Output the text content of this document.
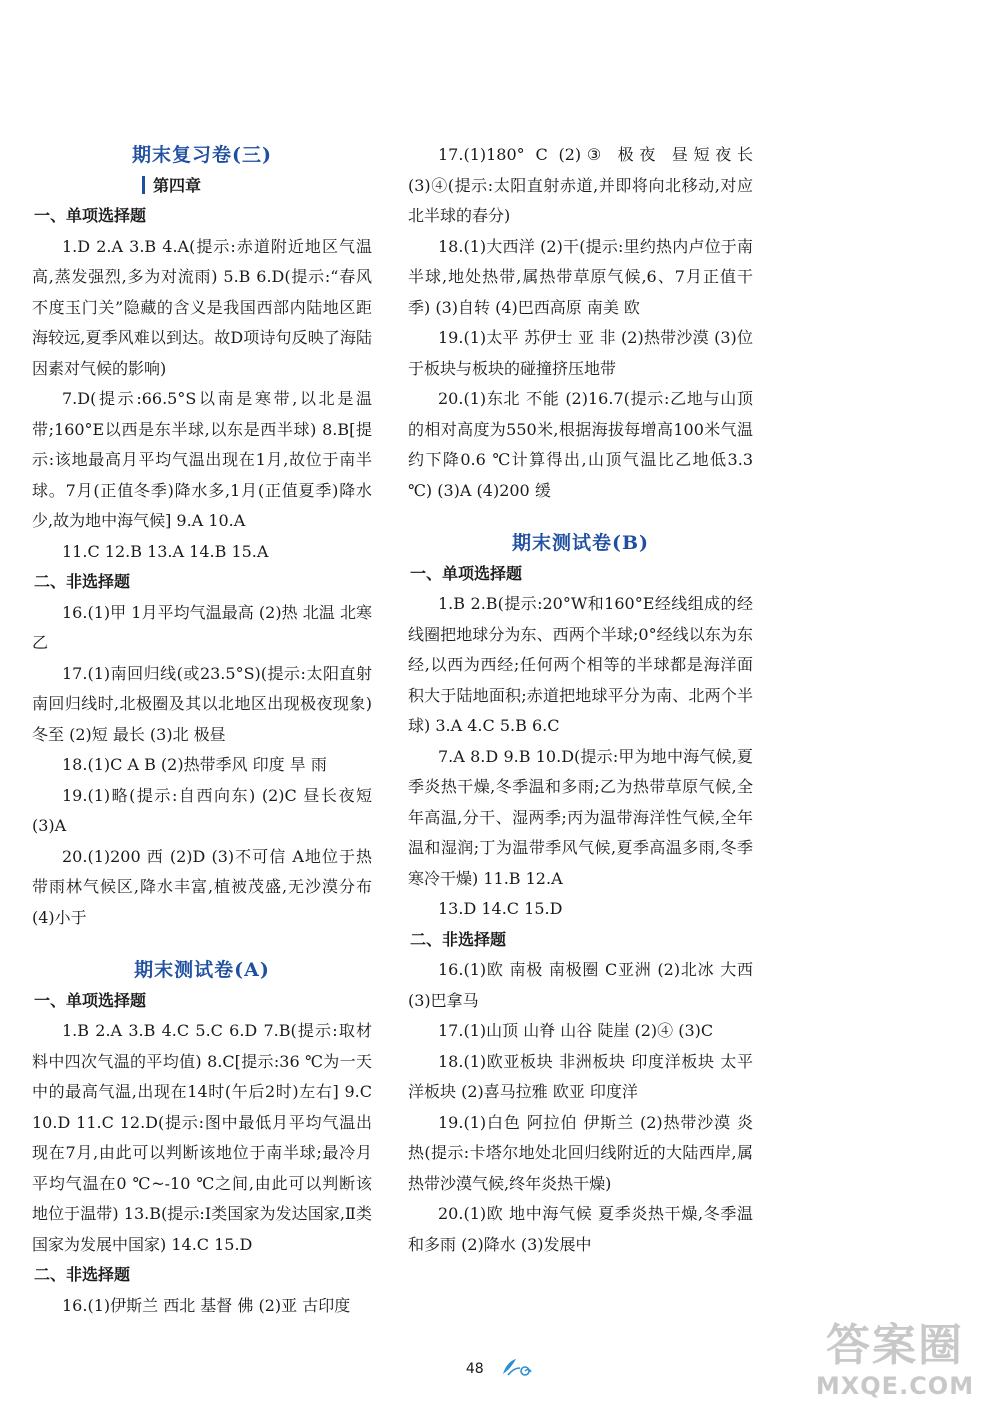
期末复习卷(三)
第四章
一、单项选择题

1.D 2.A 3.B 4.A(提示:赤道附近地区气温高,蒸发强烈,多为对流雨) 5.B 6.D(提示:“春风不度玉门关”隐藏的含义是我国西部内陆地区距海较远,夏季风难以到达。故D项诗句反映了海陆因素对气候的影响)

7.D(提示:66.5°S以南是寒带,以北是温带;160°E以西是东半球,以东是西半球) 8.B[提示:该地最高月平均气温出现在1月,故位于南半球。7月(正值冬季)降水多,1月(正值夏季)降水少,故为地中海气候] 9.A 10.A

11.C 12.B 13.A 14.B 15.A

二、非选择题

16.(1)甲 1月平均气温最高 (2)热 北温 北寒 乙

17.(1)南回归线(或23.5°S)(提示:太阳直射南回归线时,北极圈及其以北地区出现极夜现象) 冬至 (2)短 最长 (3)北 极昼

18.(1)C A B (2)热带季风 印度 旱 雨

19.(1)略(提示:自西向东) (2)C 昼长夜短 (3)A

20.(1)200 西 (2)D (3)不可信 A地位于热带雨林气候区,降水丰富,植被茂盛,无沙漠分布 (4)小于

期末测试卷(A)
一、单项选择题

1.B 2.A 3.B 4.C 5.C 6.D 7.B(提示:取材料中四次气温的平均值) 8.C[提示:36 ℃为一天中的最高气温,出现在14时(午后2时)左右] 9.C 10.D 11.C 12.D(提示:图中最低月平均气温出现在7月,由此可以判断该地位于南半球;最冷月平均气温在0 ℃~-10 ℃之间,由此可以判断该地位于温带) 13.B(提示:Ⅰ类国家为发达国家,Ⅱ类国家为发展中国家) 14.C 15.D

二、非选择题

16.(1)伊斯兰 西北 基督 佛 (2)亚 古印度

17.(1)180° C (2)③ 极夜 昼短夜长 (3)④(提示:太阳直射赤道,并即将向北移动,对应北半球的春分)

18.(1)大西洋 (2)干(提示:里约热内卢位于南半球,地处热带,属热带草原气候,6、7月正值干季) (3)自转 (4)巴西高原 南美 欧

19.(1)太平 苏伊士 亚 非 (2)热带沙漠 (3)位于板块与板块的碰撞挤压地带

20.(1)东北 不能 (2)16.7(提示:乙地与山顶的相对高度为550米,根据海拔每增高100米气温约下降0.6 ℃计算得出,山顶气温比乙地低3.3 ℃) (3)A (4)200 缓

期末测试卷(B)
一、单项选择题

1.B 2.B(提示:20°W和160°E经线组成的经线圈把地球分为东、西两个半球;0°经线以东为东经,以西为西经;任何两个相等的半球都是海洋面积大于陆地面积;赤道把地球平分为南、北两个半球) 3.A 4.C 5.B 6.C

7.A 8.D 9.B 10.D(提示:甲为地中海气候,夏季炎热干燥,冬季温和多雨;乙为热带草原气候,全年高温,分干、湿两季;丙为温带海洋性气候,全年温和湿润;丁为温带季风气候,夏季高温多雨,冬季寒冷干燥) 11.B 12.A

13.D 14.C 15.D

二、非选择题

16.(1)欧 南极 南极圈 C亚洲 (2)北冰 大西 (3)巴拿马

17.(1)山顶 山脊 山谷 陡崖 (2)④ (3)C

18.(1)欧亚板块 非洲板块 印度洋板块 太平洋板块 (2)喜马拉雅 欧亚 印度洋

19.(1)白色 阿拉伯 伊斯兰 (2)热带沙漠 炎热(提示:卡塔尔地处北回归线附近的大陆西岸,属热带沙漠气候,终年炎热干燥)

20.(1)欧 地中海气候 夏季炎热干燥,冬季温和多雨 (2)降水 (3)发展中

48	答案圈
MXQE.COM
